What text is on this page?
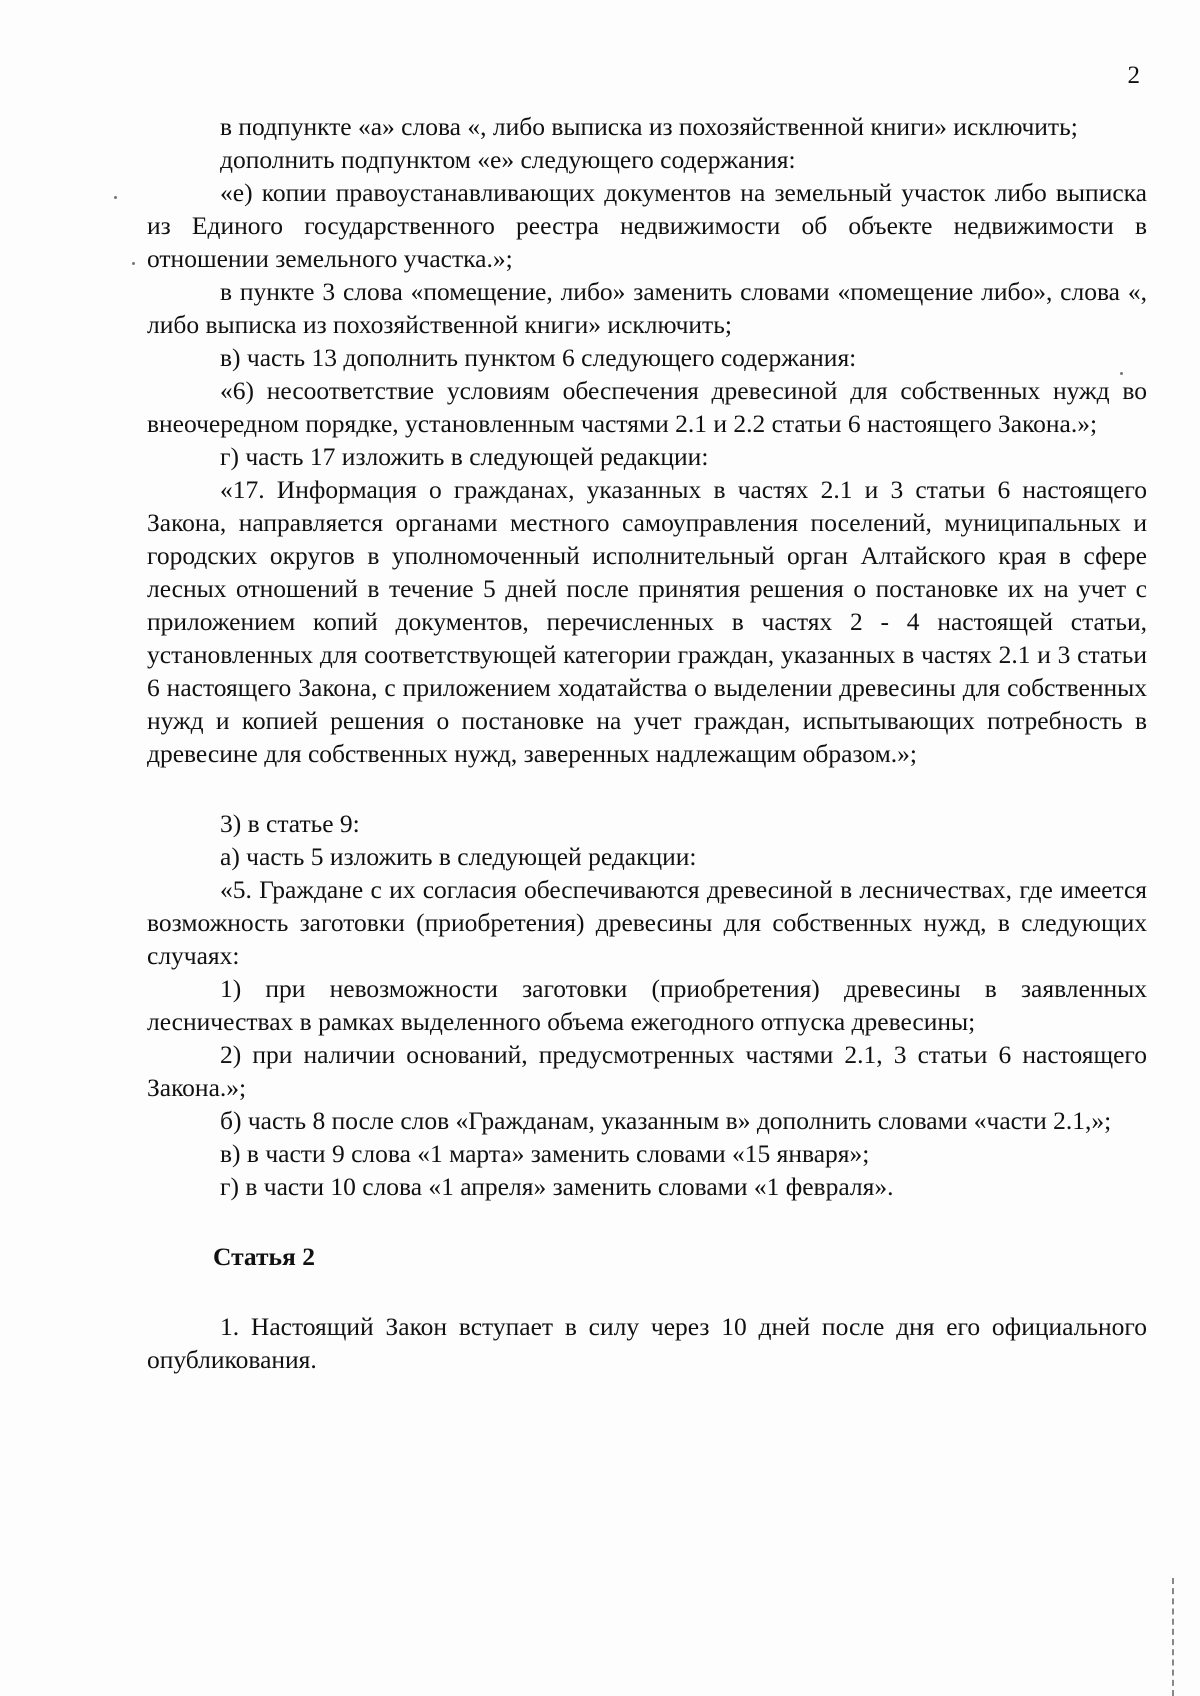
2

в подпункте «а» слова «, либо выписка из похозяйственной книги» исключить;

дополнить подпунктом «е» следующего содержания:

«е) копии правоустанавливающих документов на земельный участок либо выписка из Единого государственного реестра недвижимости об объекте недвижимости в отношении земельного участка.»;

в пункте 3 слова «помещение, либо» заменить словами «помещение либо», слова «, либо выписка из похозяйственной книги» исключить;

в) часть 13 дополнить пунктом 6 следующего содержания:

«6) несоответствие условиям обеспечения древесиной для собственных нужд во внеочередном порядке, установленным частями 2.1 и 2.2 статьи 6 настоящего Закона.»;

г) часть 17 изложить в следующей редакции:

«17. Информация о гражданах, указанных в частях 2.1 и 3 статьи 6 настоящего Закона, направляется органами местного самоуправления поселений, муниципальных и городских округов в уполномоченный исполнительный орган Алтайского края в сфере лесных отношений в течение 5 дней после принятия решения о постановке их на учет с приложением копий документов, перечисленных в частях 2 - 4 настоящей статьи, установленных для соответствующей категории граждан, указанных в частях 2.1 и 3 статьи 6 настоящего Закона, с приложением ходатайства о выделении древесины для собственных нужд и копией решения о постановке на учет граждан, испытывающих потребность в древесине для собственных нужд, заверенных надлежащим образом.»;

3) в статье 9:

а) часть 5 изложить в следующей редакции:

«5. Граждане с их согласия обеспечиваются древесиной в лесничествах, где имеется возможность заготовки (приобретения) древесины для собственных нужд, в следующих случаях:

1) при невозможности заготовки (приобретения) древесины в заявленных лесничествах в рамках выделенного объема ежегодного отпуска древесины;

2) при наличии оснований, предусмотренных частями 2.1, 3 статьи 6 настоящего Закона.»;

б) часть 8 после слов «Гражданам, указанным в» дополнить словами «части 2.1,»;

в) в части 9 слова «1 марта» заменить словами «15 января»;

г) в части 10 слова «1 апреля» заменить словами «1 февраля».

Статья 2

1. Настоящий Закон вступает в силу через 10 дней после дня его официального опубликования.
